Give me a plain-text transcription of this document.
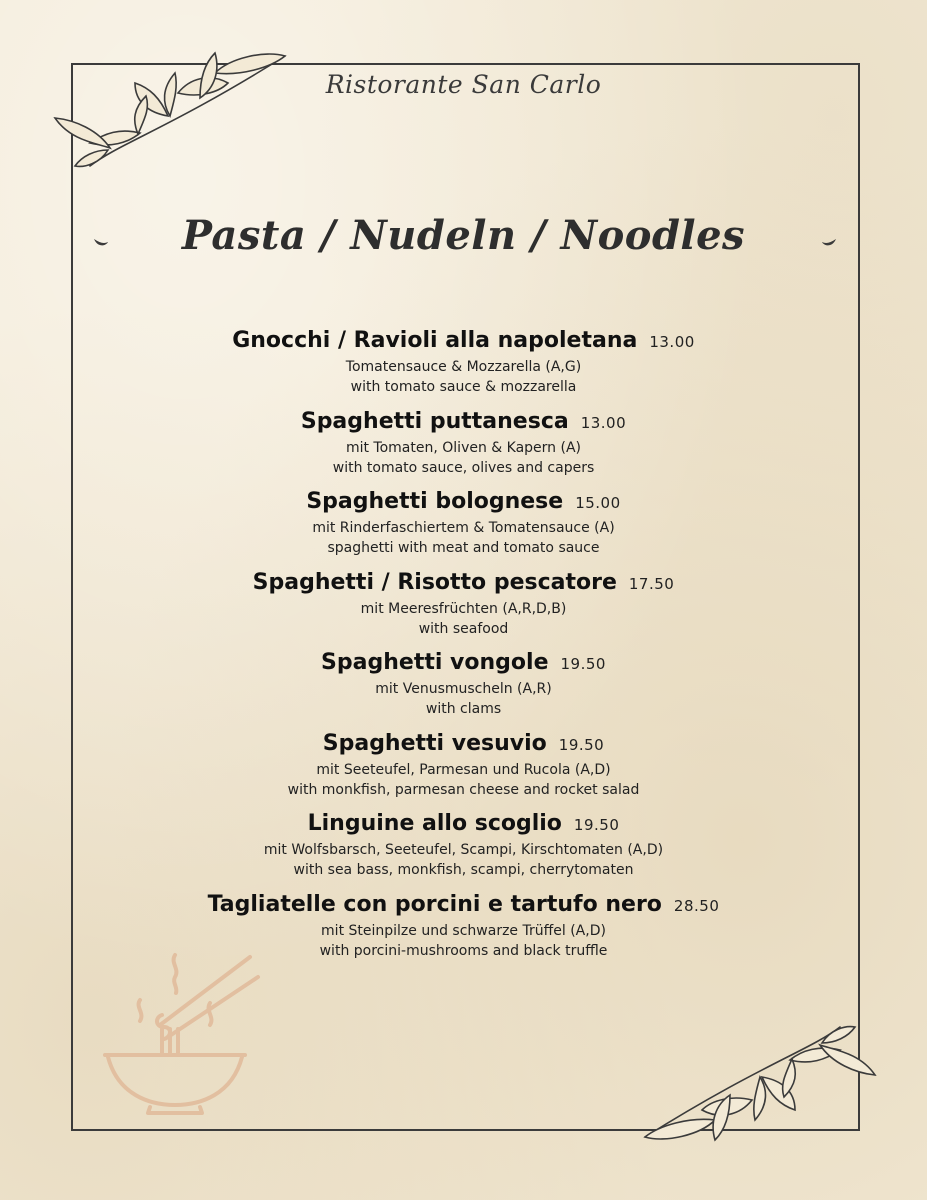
Ristorante San Carlo
Pasta / Nudeln / Noodles
Gnocchi / Ravioli alla napoletana 13.00
Tomatensauce & Mozzarella (A,G)
with tomato sauce & mozzarella
Spaghetti puttanesca 13.00
mit Tomaten, Oliven & Kapern (A)
with tomato sauce, olives and capers
Spaghetti bolognese 15.00
mit Rinderfaschiertem & Tomatensauce (A)
spaghetti with meat and tomato sauce
Spaghetti / Risotto pescatore 17.50
mit Meeresfrüchten (A,R,D,B)
with seafood
Spaghetti vongole 19.50
mit Venusmuscheln (A,R)
with clams
Spaghetti vesuvio 19.50
mit Seeteufel, Parmesan und Rucola (A,D)
with monkfish, parmesan cheese and rocket salad
Linguine allo scoglio 19.50
mit Wolfsbarsch, Seeteufel, Scampi, Kirschtomaten (A,D)
with sea bass, monkfish, scampi, cherrytomaten
Tagliatelle con porcini e tartufo nero 28.50
mit Steinpilze und schwarze Trüffel (A,D)
with porcini-mushrooms and black truffle
